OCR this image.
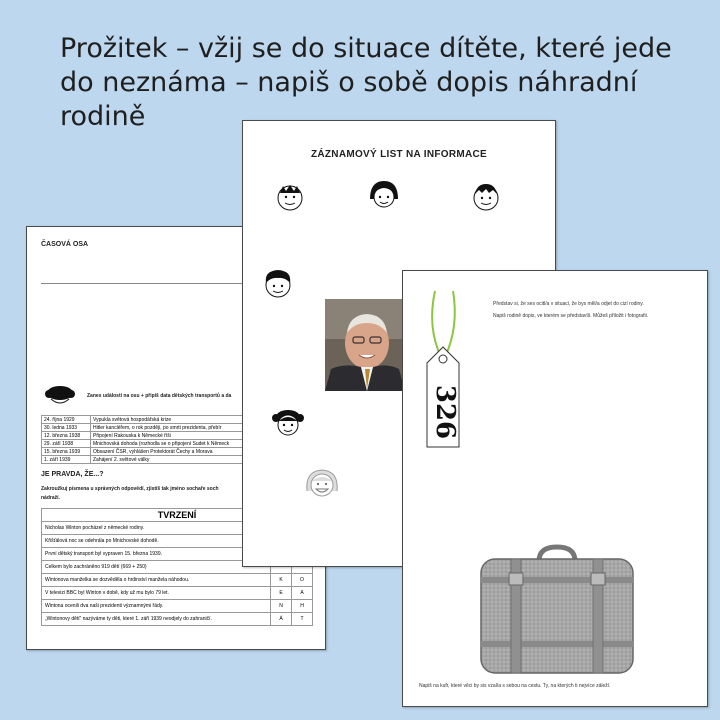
Prožitek – vžij se do situace dítěte, které jede do neznáma – napiš o sobě dopis náhradní rodině
ČASOVÁ OSA
Zanes události na osu + připiš data dětských transportů a da
24. října 1929	Vypukla světová hospodářská krize
30. ledna 1933	Hitler kancléřem, o rok později, po smrti prezidenta, přebír
12. března 1938	Připojení Rakouska k Německé říši
29. září 1938	Mnichovská dohoda (rozhodla se o připojení Sudet k Německ
15. března 1939	Obsazení ČSR, vyhlášen Protektorát Čechy a Morava
1. září 1939	Zahájení 2. světové války
JE PRAVDA, ŽE...?
Zakroužkuj písmena u správných odpovědí, zjistíš tak jméno sochaře soch
nádraží.
TVRZENÍ		
Nicholas Winton pocházel z německé rodiny.		
Křišťálová noc se odehrála po Mnichovské dohodě.		
První dětský transport byl vypraven 15. března 1939.		
Celkem bylo zachráněno 919 dětí (669 + 250)		
Wintonova manželka se dozvěděla o hrdinství manžela náhodou.	K	O
V televizi BBC byl Winton v době, kdy už mu bylo 79 let.	E	A
Wintona ocenili dva naši prezidenti významnými řády.	N	H
„Wintonovy děti" nazýváme ty děti, které 1. září 1939 neodjely do zahraničí.	Á	T
ZÁZNAMOVÝ LIST NA INFORMACE
Představ si, že ses ocitl/a v situaci, že bys měl/a odjet do cizí rodiny.
Napiš rodině dopis, ve kterém se představíš. Můžeš přiložit i fotografii.
326
Napiš na kufr, které věci by sis vzal/a s sebou na cestu. Ty, na kterých ti nejvíce záleží.
